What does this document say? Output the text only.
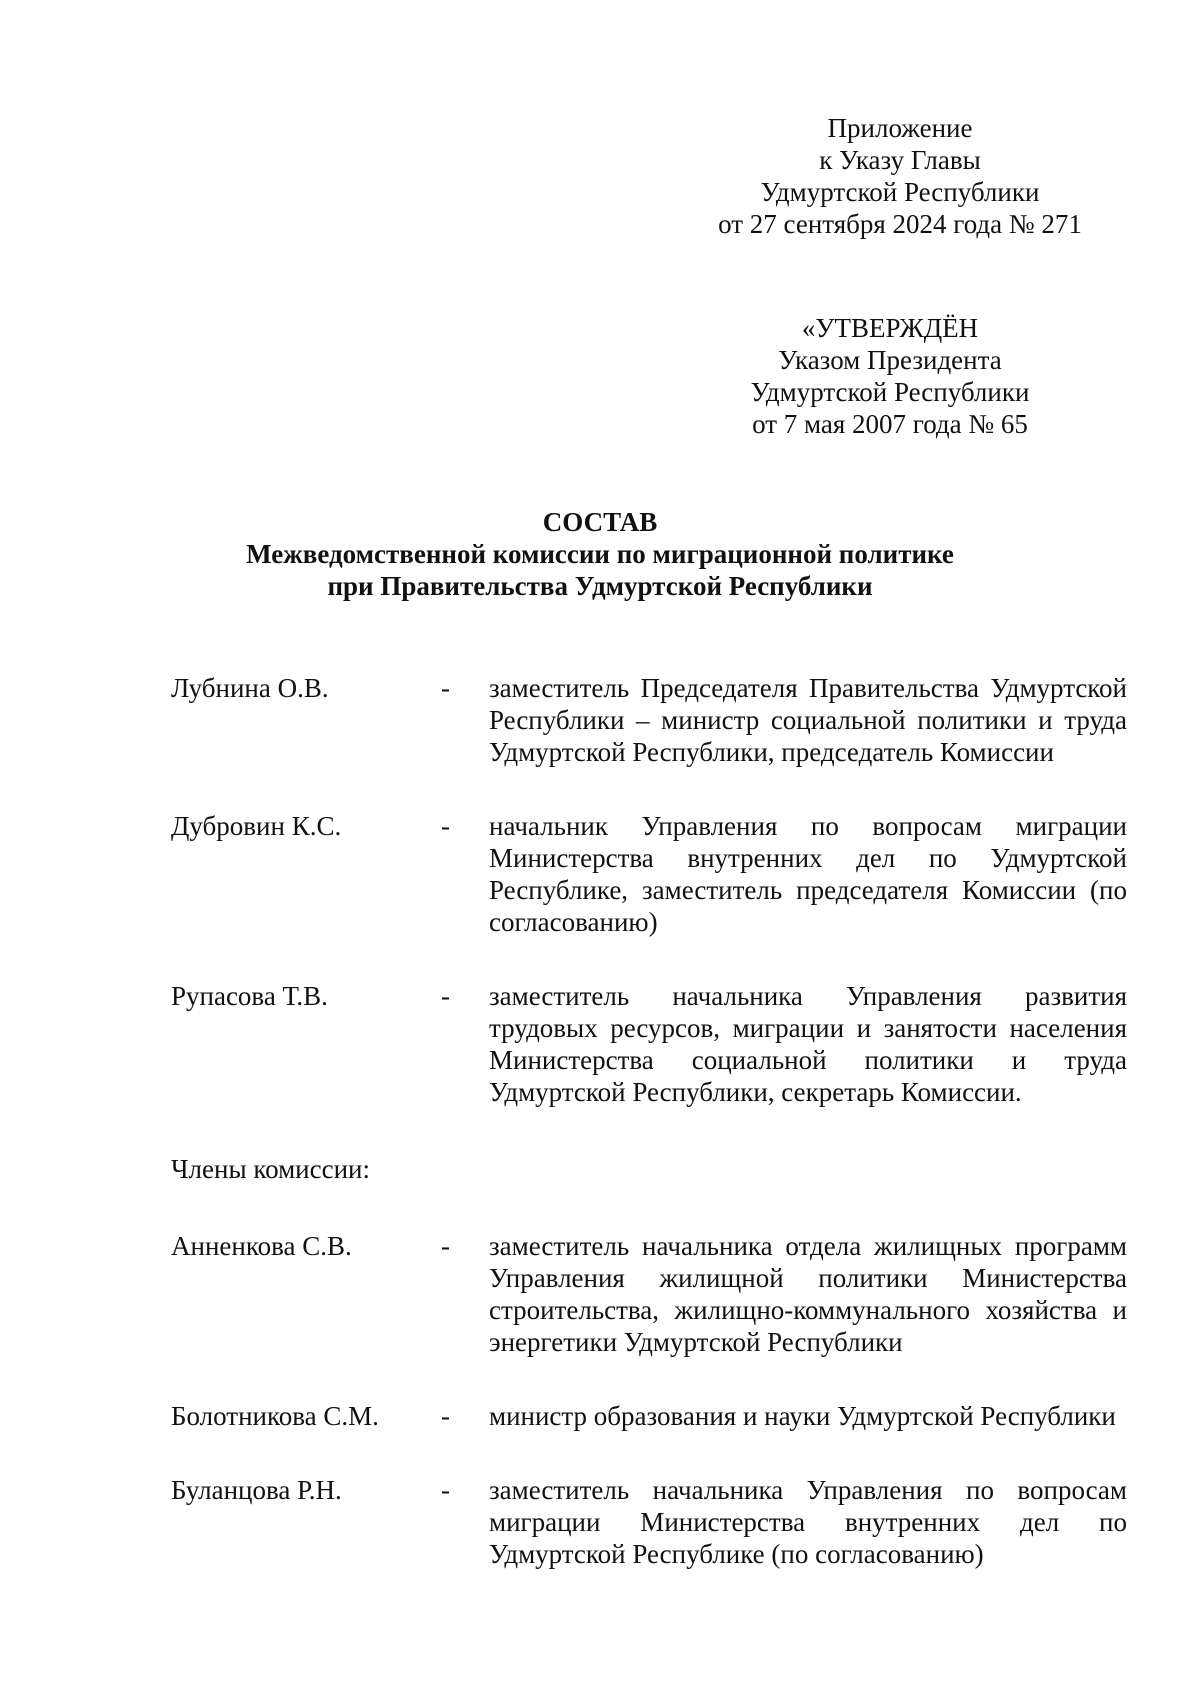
Приложение
к Указу Главы
Удмуртской Республики
от 27 сентября 2024 года № 271
«УТВЕРЖДЁН
Указом Президента
Удмуртской Республики
от 7 мая 2007 года № 65
СОСТАВ
Межведомственной комиссии по миграционной политике
при Правительства Удмуртской Республики
Лубнина О.В.	-	заместитель Председателя Правительства Удмуртской Республики – министр социальной политики и труда Удмуртской Республики, председатель Комиссии
Дубровин К.С.	-	начальник Управления по вопросам миграции Министерства внутренних дел по Удмуртской Республике, заместитель председателя Комиссии (по согласованию)
Рупасова Т.В.	-	заместитель начальника Управления развития трудовых ресурсов, миграции и занятости населения Министерства социальной политики и труда Удмуртской Республики, секретарь Комиссии.
Члены комиссии:
Анненкова С.В.	-	заместитель начальника отдела жилищных программ Управления жилищной политики Министерства строительства, жилищно-коммунального хозяйства и энергетики Удмуртской Республики
Болотникова С.М.	-	министр образования и науки Удмуртской Республики
Буланцова Р.Н.	-	заместитель начальника Управления по вопросам миграции Министерства внутренних дел по Удмуртской Республике (по согласованию)
